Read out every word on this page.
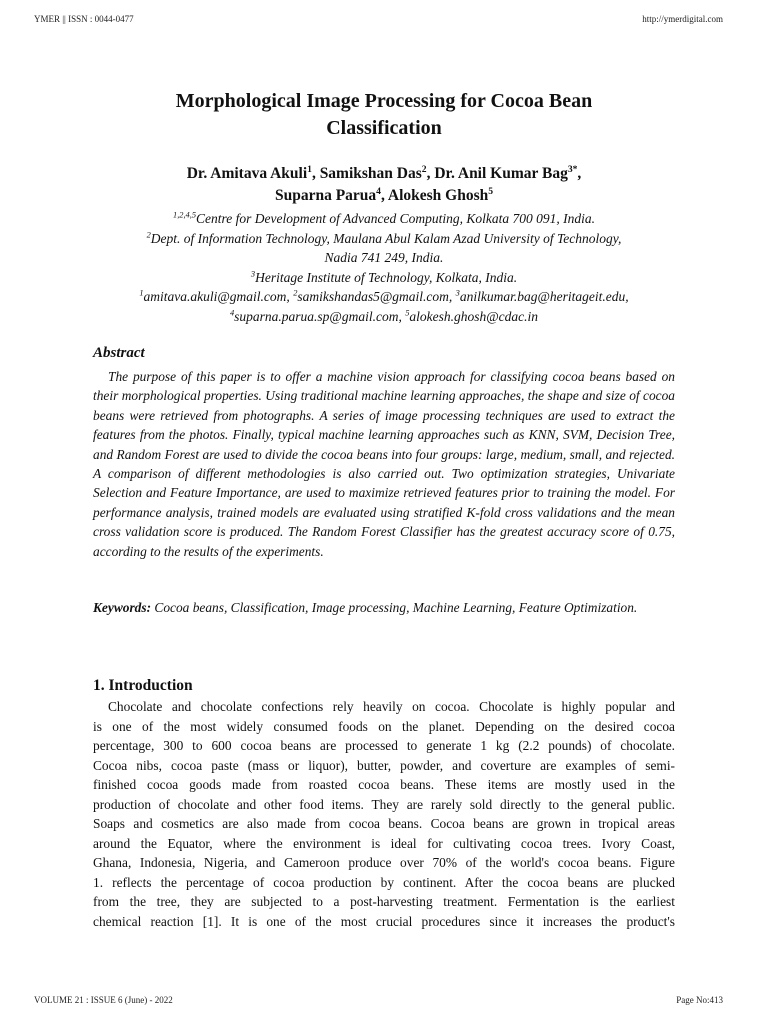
YMER || ISSN : 0044-0477	http://ymerdigital.com
Morphological Image Processing for Cocoa Bean
Classification
Dr. Amitava Akuli$^1$, Samikshan Das$^2$, Dr. Anil Kumar Bag$^{3*}$,
Suparna Parua$^4$, Alokesh Ghosh$^5$
$^{1,2,4,5}$Centre for Development of Advanced Computing, Kolkata 700 091, India.
$^2$Dept. of Information Technology, Maulana Abul Kalam Azad University of Technology,
Nadia 741 249, India.
$^3$Heritage Institute of Technology, Kolkata, India.
$^1$amitava.akuli@gmail.com, $^2$samikshandas5@gmail.com, $^3$anilkumar.bag@heritageit.edu,
$^4$suparna.parua.sp@gmail.com, $^5$alokesh.ghosh@cdac.in
Abstract
The purpose of this paper is to offer a machine vision approach for classifying cocoa beans based on their morphological properties. Using traditional machine learning approaches, the shape and size of cocoa beans were retrieved from photographs. A series of image processing techniques are used to extract the features from the photos. Finally, typical machine learning approaches such as KNN, SVM, Decision Tree, and Random Forest are used to divide the cocoa beans into four groups: large, medium, small, and rejected. A comparison of different methodologies is also carried out. Two optimization strategies, Univariate Selection and Feature Importance, are used to maximize retrieved features prior to training the model. For performance analysis, trained models are evaluated using stratified K-fold cross validations and the mean cross validation score is produced. The Random Forest Classifier has the greatest accuracy score of 0.75, according to the results of the experiments.
Keywords: Cocoa beans, Classification, Image processing, Machine Learning, Feature Optimization.
1. Introduction
Chocolate and chocolate confections rely heavily on cocoa. Chocolate is highly popular and
is one of the most widely consumed foods on the planet. Depending on the desired cocoa
percentage, 300 to 600 cocoa beans are processed to generate 1 kg (2.2 pounds) of chocolate.
Cocoa nibs, cocoa paste (mass or liquor), butter, powder, and coverture are examples of semi-
finished cocoa goods made from roasted cocoa beans. These items are mostly used in the
production of chocolate and other food items. They are rarely sold directly to the general public.
Soaps and cosmetics are also made from cocoa beans. Cocoa beans are grown in tropical areas
around the Equator, where the environment is ideal for cultivating cocoa trees. Ivory Coast,
Ghana, Indonesia, Nigeria, and Cameroon produce over 70% of the world's cocoa beans. Figure
1. reflects the percentage of cocoa production by continent. After the cocoa beans are plucked
from the tree, they are subjected to a post-harvesting treatment. Fermentation is the earliest
chemical reaction [1]. It is one of the most crucial procedures since it increases the product's
VOLUME 21 : ISSUE 6 (June) - 2022	Page No:413
